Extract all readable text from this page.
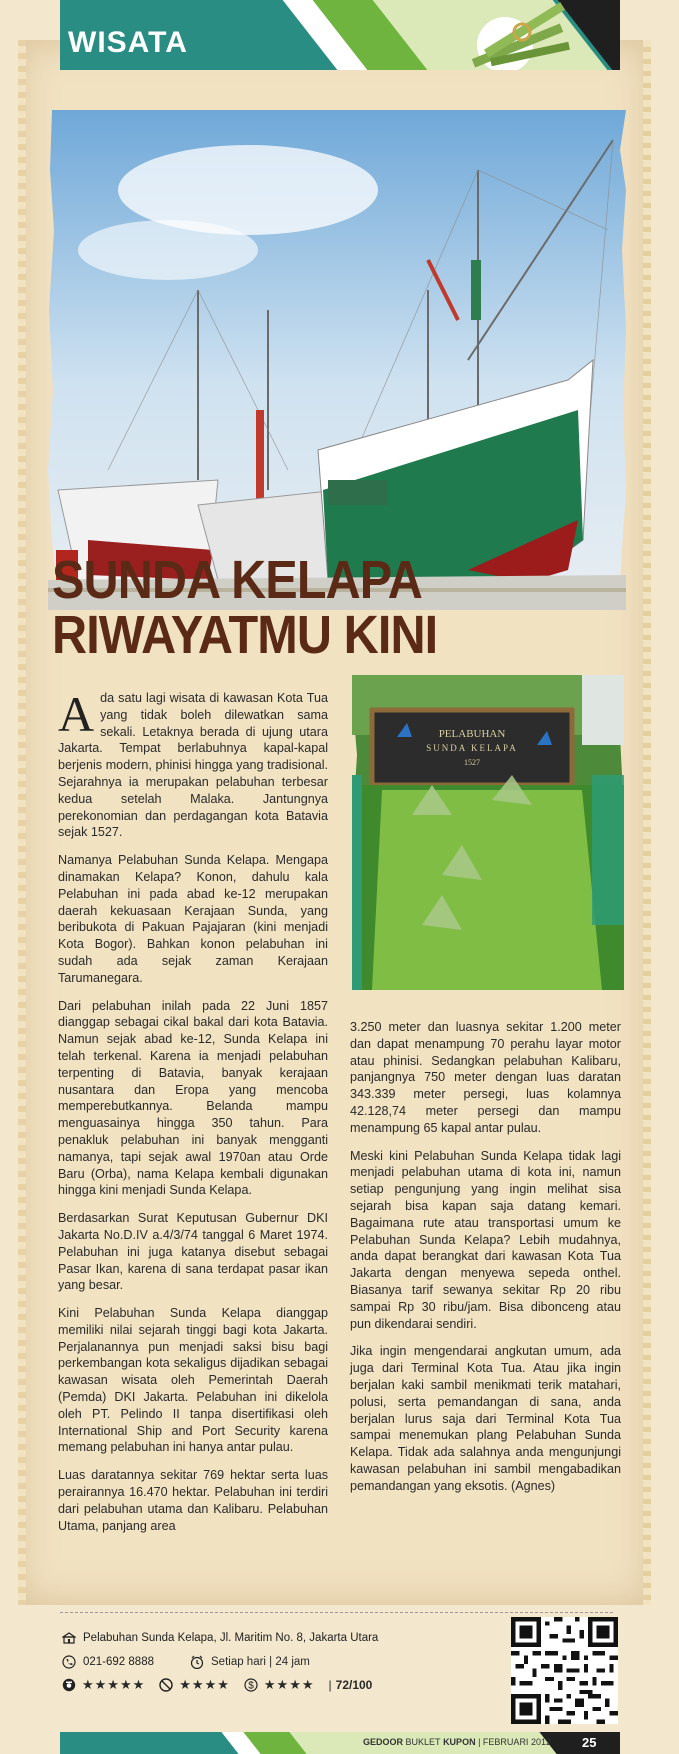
WISATA
SUNDA KELAPA
RIWAYATMU KINI
PELABUHAN
SUNDA KELAPA
1527

Ada satu lagi wisata di kawasan Kota Tua yang tidak boleh dilewatkan sama sekali. Letaknya berada di ujung utara Jakarta. Tempat berlabuhnya kapal-kapal berjenis modern, phinisi hingga yang tradisional. Sejarahnya ia merupakan pelabuhan terbesar kedua setelah Malaka. Jantungnya perekonomian dan perdagangan kota Batavia sejak 1527.

Namanya Pelabuhan Sunda Kelapa. Mengapa dinamakan Kelapa? Konon, dahulu kala Pelabuhan ini pada abad ke-12 merupakan daerah kekuasaan Kerajaan Sunda, yang beribukota di Pakuan Pajajaran (kini menjadi Kota Bogor). Bahkan konon pelabuhan ini sudah ada sejak zaman Kerajaan Tarumanegara.

Dari pelabuhan inilah pada 22 Juni 1857 dianggap sebagai cikal bakal dari kota Batavia. Namun sejak abad ke-12, Sunda Kelapa ini telah terkenal. Karena ia menjadi pelabuhan terpenting di Batavia, banyak kerajaan nusantara dan Eropa yang mencoba memperebutkannya. Belanda mampu menguasainya hingga 350 tahun. Para penakluk pelabuhan ini banyak mengganti namanya, tapi sejak awal 1970an atau Orde Baru (Orba), nama Kelapa kembali digunakan hingga kini menjadi Sunda Kelapa.

Berdasarkan Surat Keputusan Gubernur DKI Jakarta No.D.IV a.4/3/74 tanggal 6 Maret 1974. Pelabuhan ini juga katanya disebut sebagai Pasar Ikan, karena di sana terdapat pasar ikan yang besar.

Kini Pelabuhan Sunda Kelapa dianggap memiliki nilai sejarah tinggi bagi kota Jakarta. Perjalanannya pun menjadi saksi bisu bagi perkembangan kota sekaligus dijadikan sebagai kawasan wisata oleh Pemerintah Daerah (Pemda) DKI Jakarta. Pelabuhan ini dikelola oleh PT. Pelindo II tanpa disertifikasi oleh International Ship and Port Security karena memang pelabuhan ini hanya antar pulau.

Luas daratannya sekitar 769 hektar serta luas perairannya 16.470 hektar. Pelabuhan ini terdiri dari pelabuhan utama dan Kalibaru. Pelabuhan Utama, panjang area

3.250 meter dan luasnya sekitar 1.200 meter dan dapat menampung 70 perahu layar motor atau phinisi. Sedangkan pelabuhan Kalibaru, panjangnya 750 meter dengan luas daratan 343.339 meter persegi, luas kolamnya 42.128,74 meter persegi dan mampu menampung 65 kapal antar pulau.

Meski kini Pelabuhan Sunda Kelapa tidak lagi menjadi pelabuhan utama di kota ini, namun setiap pengunjung yang ingin melihat sisa sejarah bisa kapan saja datang kemari. Bagaimana rute atau transportasi umum ke Pelabuhan Sunda Kelapa? Lebih mudahnya, anda dapat berangkat dari kawasan Kota Tua Jakarta dengan menyewa sepeda onthel. Biasanya tarif sewanya sekitar Rp 20 ribu sampai Rp 30 ribu/jam. Bisa dibonceng atau pun dikendarai sendiri.

Jika ingin mengendarai angkutan umum, ada juga dari Terminal Kota Tua. Atau jika ingin berjalan kaki sambil menikmati terik matahari, polusi, serta pemandangan di sana, anda berjalan lurus saja dari Terminal Kota Tua sampai menemukan plang Pelabuhan Sunda Kelapa. Tidak ada salahnya anda mengunjungi kawasan pelabuhan ini sambil mengabadikan pemandangan yang eksotis. (Agnes)

Pelabuhan Sunda Kelapa, Jl. Maritim No. 8, Jakarta Utara
021-692 8888	Setiap hari | 24 jam
★★★★★	★★★★ $ ★★★★ | 72/100
GEDOOR BUKLET KUPON | FEBRUARI 2012 25
